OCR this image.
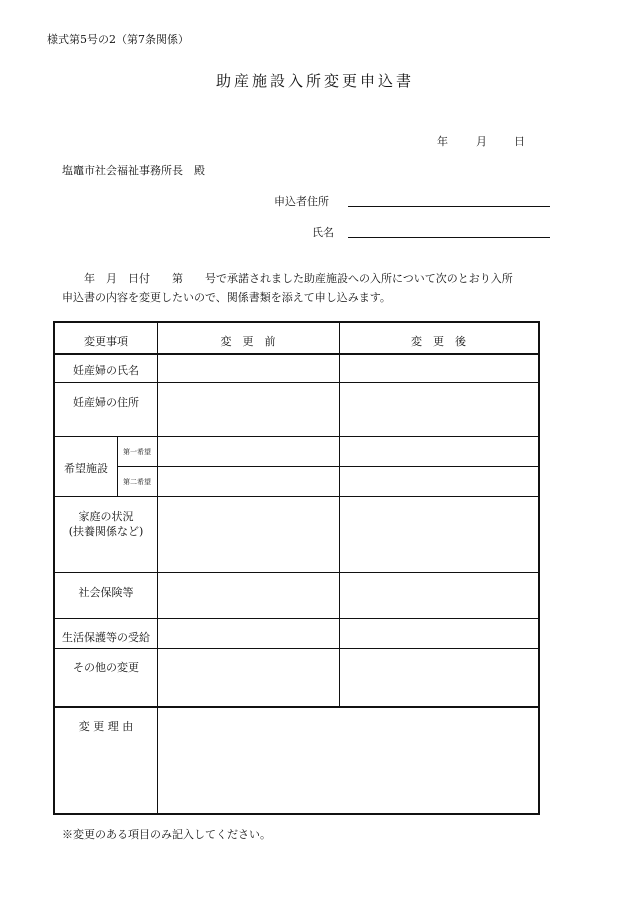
様式第5号の2（第7条関係）
助産施設入所変更申込書
年	月 日
塩竈市社会福祉事務所長　殿
申込者住所
氏名
　　年　月　日付　　第　　号で承諾されました助産施設への入所について次のとおり入所
申込書の内容を変更したいので、関係書類を添えて申し込みます。
変更事項	変　更　前	変　更　後
妊産婦の氏名
妊産婦の住所
希望施設
第一希望
第二希望
家庭の状況
(扶養関係など)
社会保険等
生活保護等の受給
その他の変更
変 更 理 由
※変更のある項目のみ記入してください。
